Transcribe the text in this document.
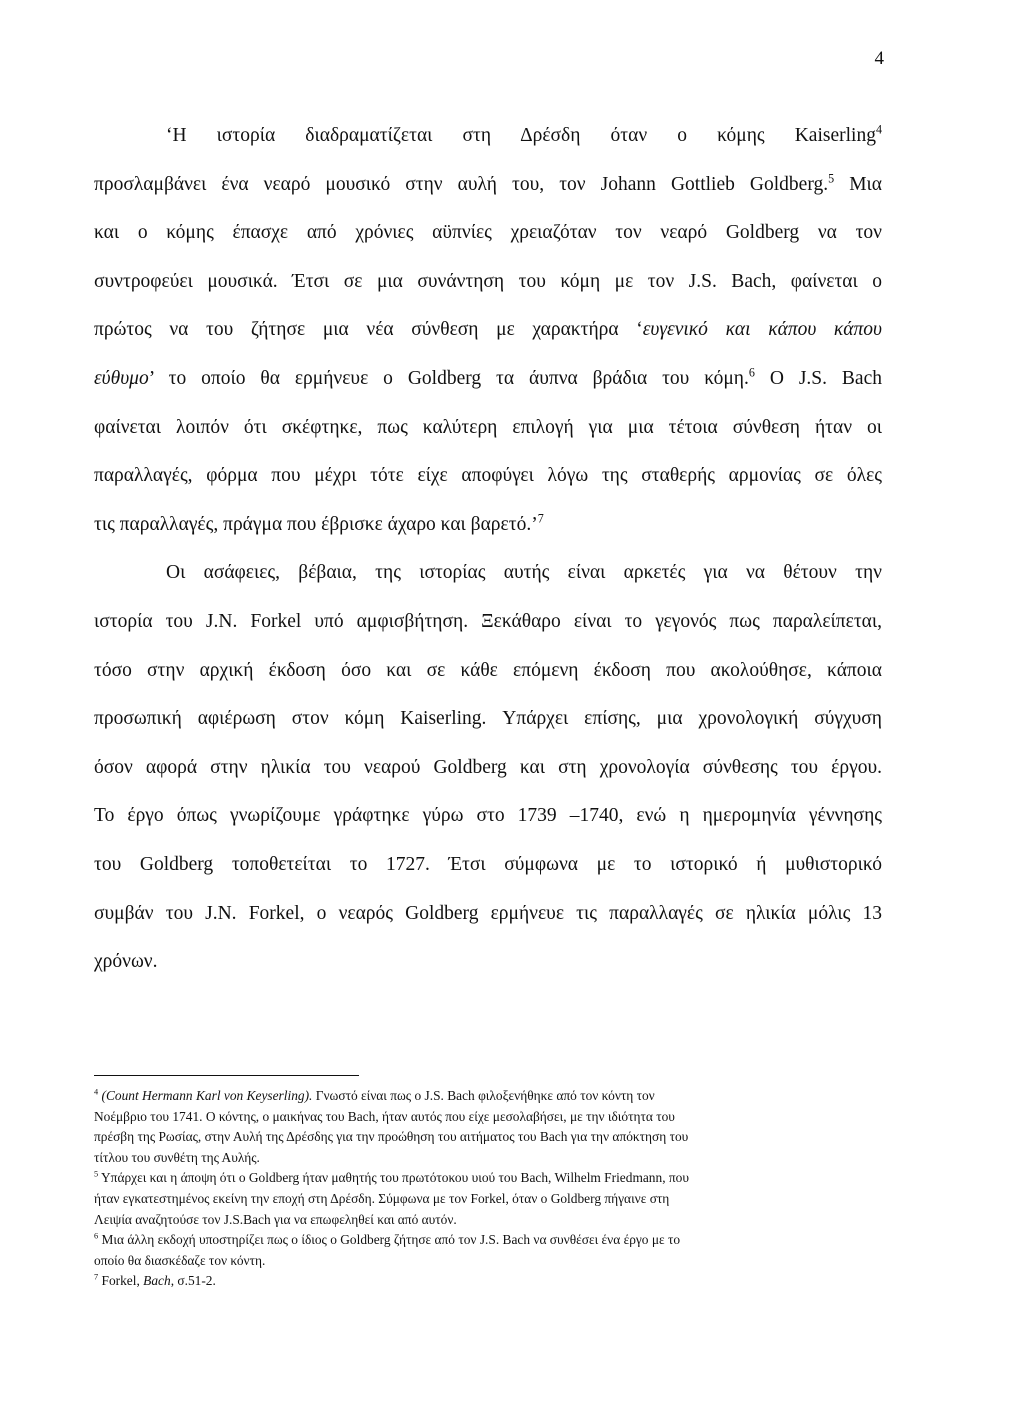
4
‘Η ιστορία διαδραματίζεται στη Δρέσδη όταν ο κόμης Kaiserling$^4$
προσλαμβάνει ένα νεαρό μουσικό στην αυλή του, τον Johann Gottlieb Goldberg.$^5$ Μια
και ο κόμης έπασχε από χρόνιες αϋπνίες χρειαζόταν τον νεαρό Goldberg να τον
συντροφεύει μουσικά. Έτσι σε μια συνάντηση του κόμη με τον J.S. Bach, φαίνεται ο
πρώτος να του ζήτησε μια νέα σύνθεση με χαρακτήρα ‘ευγενικό και κάπου κάπου
εύθυμο’ το οποίο θα ερμήνευε ο Goldberg τα άυπνα βράδια του κόμη.$^6$ O J.S. Bach
φαίνεται λοιπόν ότι σκέφτηκε, πως καλύτερη επιλογή για μια τέτοια σύνθεση ήταν οι
παραλλαγές, φόρμα που μέχρι τότε είχε αποφύγει λόγω της σταθερής αρμονίας σε όλες
τις παραλλαγές, πράγμα που έβρισκε άχαρο και βαρετό.’$^7$
Οι ασάφειες, βέβαια, της ιστορίας αυτής είναι αρκετές για να θέτουν την
ιστορία του J.N. Forkel υπό αμφισβήτηση. Ξεκάθαρο είναι το γεγονός πως παραλείπεται,
τόσο στην αρχική έκδοση όσο και σε κάθε επόμενη έκδοση που ακολούθησε, κάποια
προσωπική αφιέρωση στον κόμη Kaiserling. Υπάρχει επίσης, μια χρονολογική σύγχυση
όσον αφορά στην ηλικία του νεαρού Goldberg και στη χρονολογία σύνθεσης του έργου.
Το έργο όπως γνωρίζουμε γράφτηκε γύρω στο 1739 –1740, ενώ η ημερομηνία γέννησης
του Goldberg τοποθετείται το 1727. Έτσι σύμφωνα με το ιστορικό ή μυθιστορικό
συμβάν του J.N. Forkel, ο νεαρός Goldberg ερμήνευε τις παραλλαγές σε ηλικία μόλις 13
χρόνων.
$^4$ (Count Hermann Karl von Keyserling). Γνωστό είναι πως ο J.S. Bach φιλοξενήθηκε από τον κόντη τον
Νοέμβριο του 1741. Ο κόντης, ο μαικήνας του Bach, ήταν αυτός που είχε μεσολαβήσει, με την ιδιότητα του
πρέσβη της Ρωσίας, στην Αυλή της Δρέσδης για την προώθηση του αιτήματος του Bach για την απόκτηση του
τίτλου του συνθέτη της Αυλής.
$^5$ Υπάρχει και η άποψη ότι ο Goldberg ήταν μαθητής του πρωτότοκου υιού του Bach, Wilhelm Friedmann, που
ήταν εγκατεστημένος εκείνη την εποχή στη Δρέσδη. Σύμφωνα με τον Forkel, όταν ο Goldberg πήγαινε στη
Λειψία αναζητούσε τον J.S.Bach για να επωφεληθεί και από αυτόν.
$^6$ Μια άλλη εκδοχή υποστηρίζει πως ο ίδιος ο Goldberg ζήτησε από τον J.S. Bach να συνθέσει ένα έργο με το
οποίο θα διασκέδαζε τον κόντη.
$^7$ Forkel, Bach, σ.51-2.
